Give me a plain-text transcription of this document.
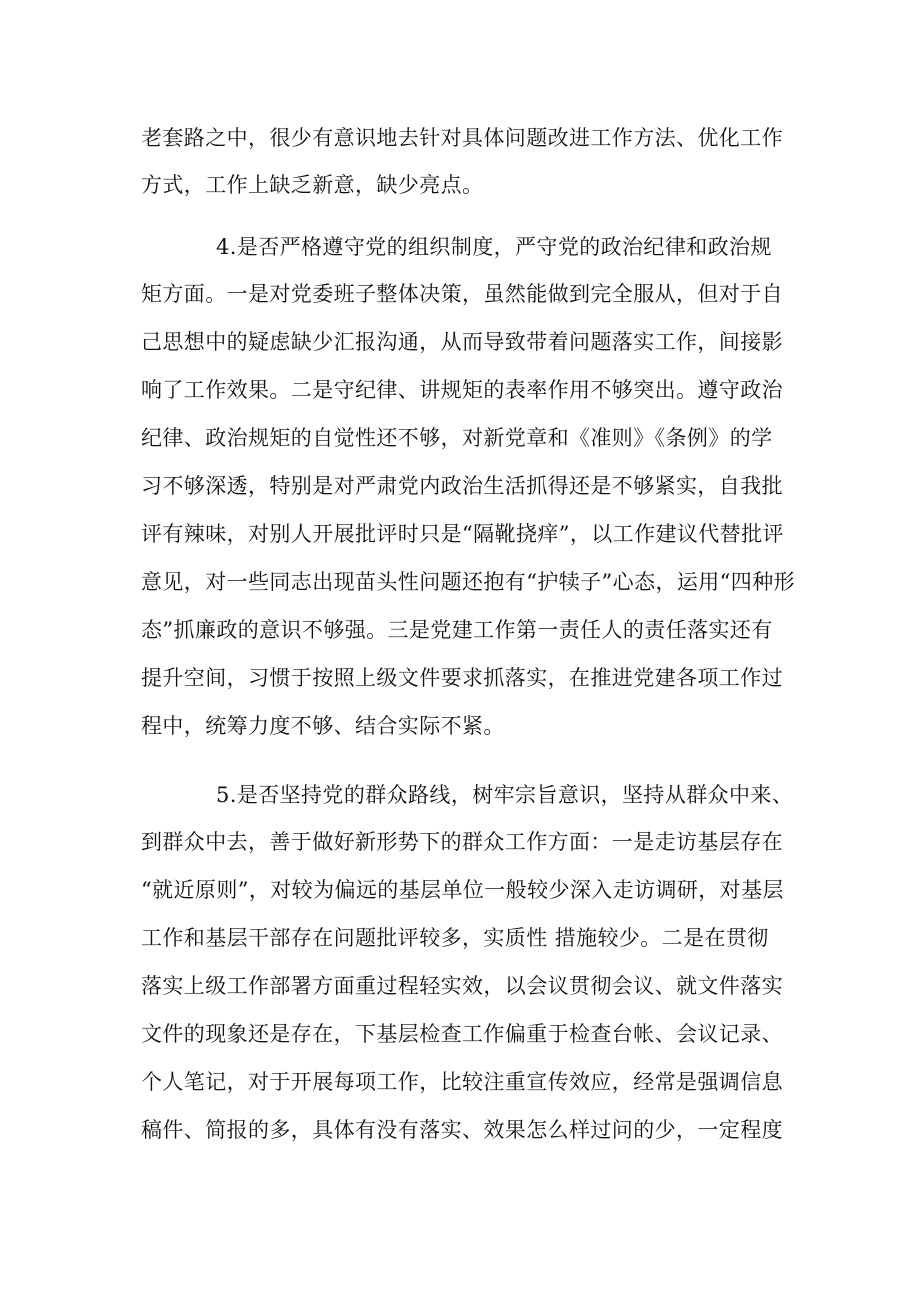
老套路之中，很少有意识地去针对具体问题改进工作方法、优化工作

方式，工作上缺乏新意，缺少亮点。

4.是否严格遵守党的组织制度，严守党的政治纪律和政治规

矩方面。一是对党委班子整体决策，虽然能做到完全服从，但对于自

己思想中的疑虑缺少汇报沟通，从而导致带着问题落实工作，间接影

响了工作效果。二是守纪律、讲规矩的表率作用不够突出。遵守政治

纪律、政治规矩的自觉性还不够，对新党章和《准则》《条例》的学

习不够深透，特别是对严肃党内政治生活抓得还是不够紧实，自我批

评有辣味，对别人开展批评时只是“隔靴挠痒”，以工作建议代替批评

意见，对一些同志出现苗头性问题还抱有“护犊子”心态，运用“四种形

态”抓廉政的意识不够强。三是党建工作第一责任人的责任落实还有

提升空间，习惯于按照上级文件要求抓落实，在推进党建各项工作过

程中，统筹力度不够、结合实际不紧。

5.是否坚持党的群众路线，树牢宗旨意识，坚持从群众中来、

到群众中去，善于做好新形势下的群众工作方面：一是走访基层存在

“就近原则”，对较为偏远的基层单位一般较少深入走访调研，对基层

工作和基层干部存在问题批评较多，实质性 措施较少。二是在贯彻

落实上级工作部署方面重过程轻实效，以会议贯彻会议、就文件落实

文件的现象还是存在，下基层检查工作偏重于检查台帐、会议记录、

个人笔记，对于开展每项工作，比较注重宣传效应，经常是强调信息

稿件、简报的多，具体有没有落实、效果怎么样过问的少，一定程度
